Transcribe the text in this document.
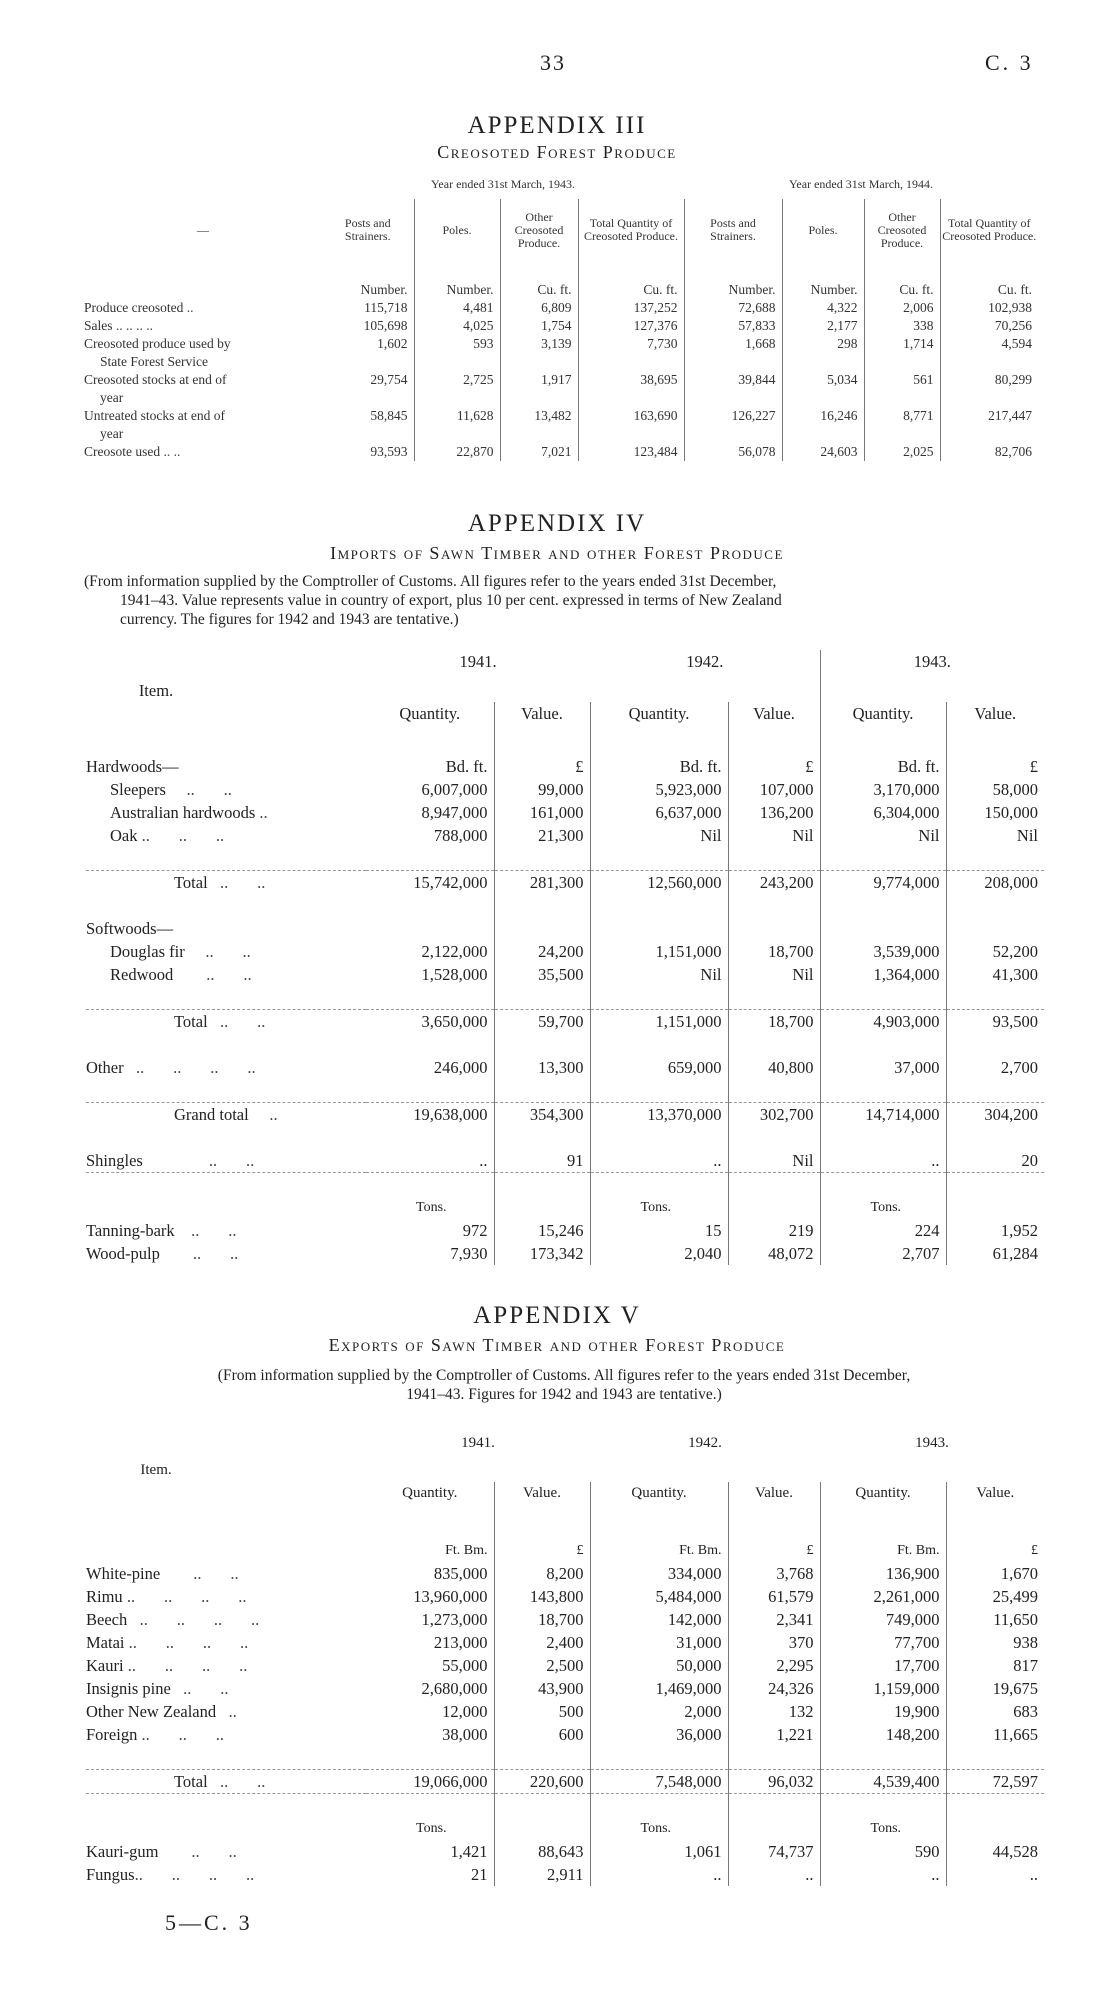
33	C. 3
APPENDIX III
Creosoted Forest Produce
	Year ended 31st March, 1943.				Year ended 31st March, 1944.			
—	Posts and Strainers.	Poles.	Other Creosoted Produce.	Total Quantity of Creosoted Produce.	Posts and Strainers.	Poles.	Other Creosoted Produce.	Total Quantity of Creosoted Produce.

	Number.	Number.	Cu. ft.	Cu. ft.	Number.	Number.	Cu. ft.	Cu. ft.
Produce creosoted ..	115,718	4,481	6,809	137,252	72,688	4,322	2,006	102,938
Sales .. .. .. ..	105,698	4,025	1,754	127,376	57,833	2,177	338	70,256
Creosoted produce used by	1,602	593	3,139	7,730	1,668	298	1,714	4,594
State Forest Service								
Creosoted stocks at end of	29,754	2,725	1,917	38,695	39,844	5,034	561	80,299
year								
Untreated stocks at end of	58,845	11,628	13,482	163,690	126,227	16,246	8,771	217,447
year								
Creosote used .. ..	93,593	22,870	7,021	123,484	56,078	24,603	2,025	82,706
APPENDIX IV
Imports of Sawn Timber and other Forest Produce
(From information supplied by the Comptroller of Customs. All figures refer to the years ended 31st December,
1941–43. Value represents value in country of export, plus 10 per cent. expressed in terms of New Zealand
currency. The figures for 1942 and 1943 are tentative.)
	1941.		1942.		1943.	
Item.						
	Quantity.	Value.	Quantity.	Value.	Quantity.	Value.

Hardwoods—	Bd. ft.	£	Bd. ft.	£	Bd. ft.	£
Sleepers     ..       ..	6,007,000	99,000	5,923,000	107,000	3,170,000	58,000
Australian hardwoods ..	8,947,000	161,000	6,637,000	136,200	6,304,000	150,000
Oak ..       ..       ..	788,000	21,300	Nil	Nil	Nil	Nil

Total   ..       ..	15,742,000	281,300	12,560,000	243,200	9,774,000	208,000

Softwoods—						
Douglas fir     ..       ..	2,122,000	24,200	1,151,000	18,700	3,539,000	52,200
Redwood        ..       ..	1,528,000	35,500	Nil	Nil	1,364,000	41,300

Total   ..       ..	3,650,000	59,700	1,151,000	18,700	4,903,000	93,500

Other   ..       ..       ..       ..	246,000	13,300	659,000	40,800	37,000	2,700

Grand total     ..	19,638,000	354,300	13,370,000	302,700	14,714,000	304,200

Shingles                ..       ..	..	91	..	Nil	..	20

	Tons.		Tons.		Tons.	
Tanning-bark    ..       ..	972	15,246	15	219	224	1,952
Wood-pulp        ..       ..	7,930	173,342	2,040	48,072	2,707	61,284
APPENDIX V
Exports of Sawn Timber and other Forest Produce
(From information supplied by the Comptroller of Customs. All figures refer to the years ended 31st December,
1941–43. Figures for 1942 and 1943 are tentative.)
	1941.		1942.		1943.	
Item.						
	Quantity.	Value.	Quantity.	Value.	Quantity.	Value.

	Ft. Bm.	£	Ft. Bm.	£	Ft. Bm.	£
White-pine        ..       ..	835,000	8,200	334,000	3,768	136,900	1,670
Rimu ..       ..       ..       ..	13,960,000	143,800	5,484,000	61,579	2,261,000	25,499
Beech   ..       ..       ..       ..	1,273,000	18,700	142,000	2,341	749,000	11,650
Matai ..       ..       ..       ..	213,000	2,400	31,000	370	77,700	938
Kauri ..       ..       ..       ..	55,000	2,500	50,000	2,295	17,700	817
Insignis pine   ..       ..	2,680,000	43,900	1,469,000	24,326	1,159,000	19,675
Other New Zealand   ..	12,000	500	2,000	132	19,900	683
Foreign ..       ..       ..	38,000	600	36,000	1,221	148,200	11,665

Total   ..       ..	19,066,000	220,600	7,548,000	96,032	4,539,400	72,597

	Tons.		Tons.		Tons.	
Kauri-gum        ..       ..	1,421	88,643	1,061	74,737	590	44,528
Fungus..       ..       ..       ..	21	2,911	..	..	..	..
5—C. 3
